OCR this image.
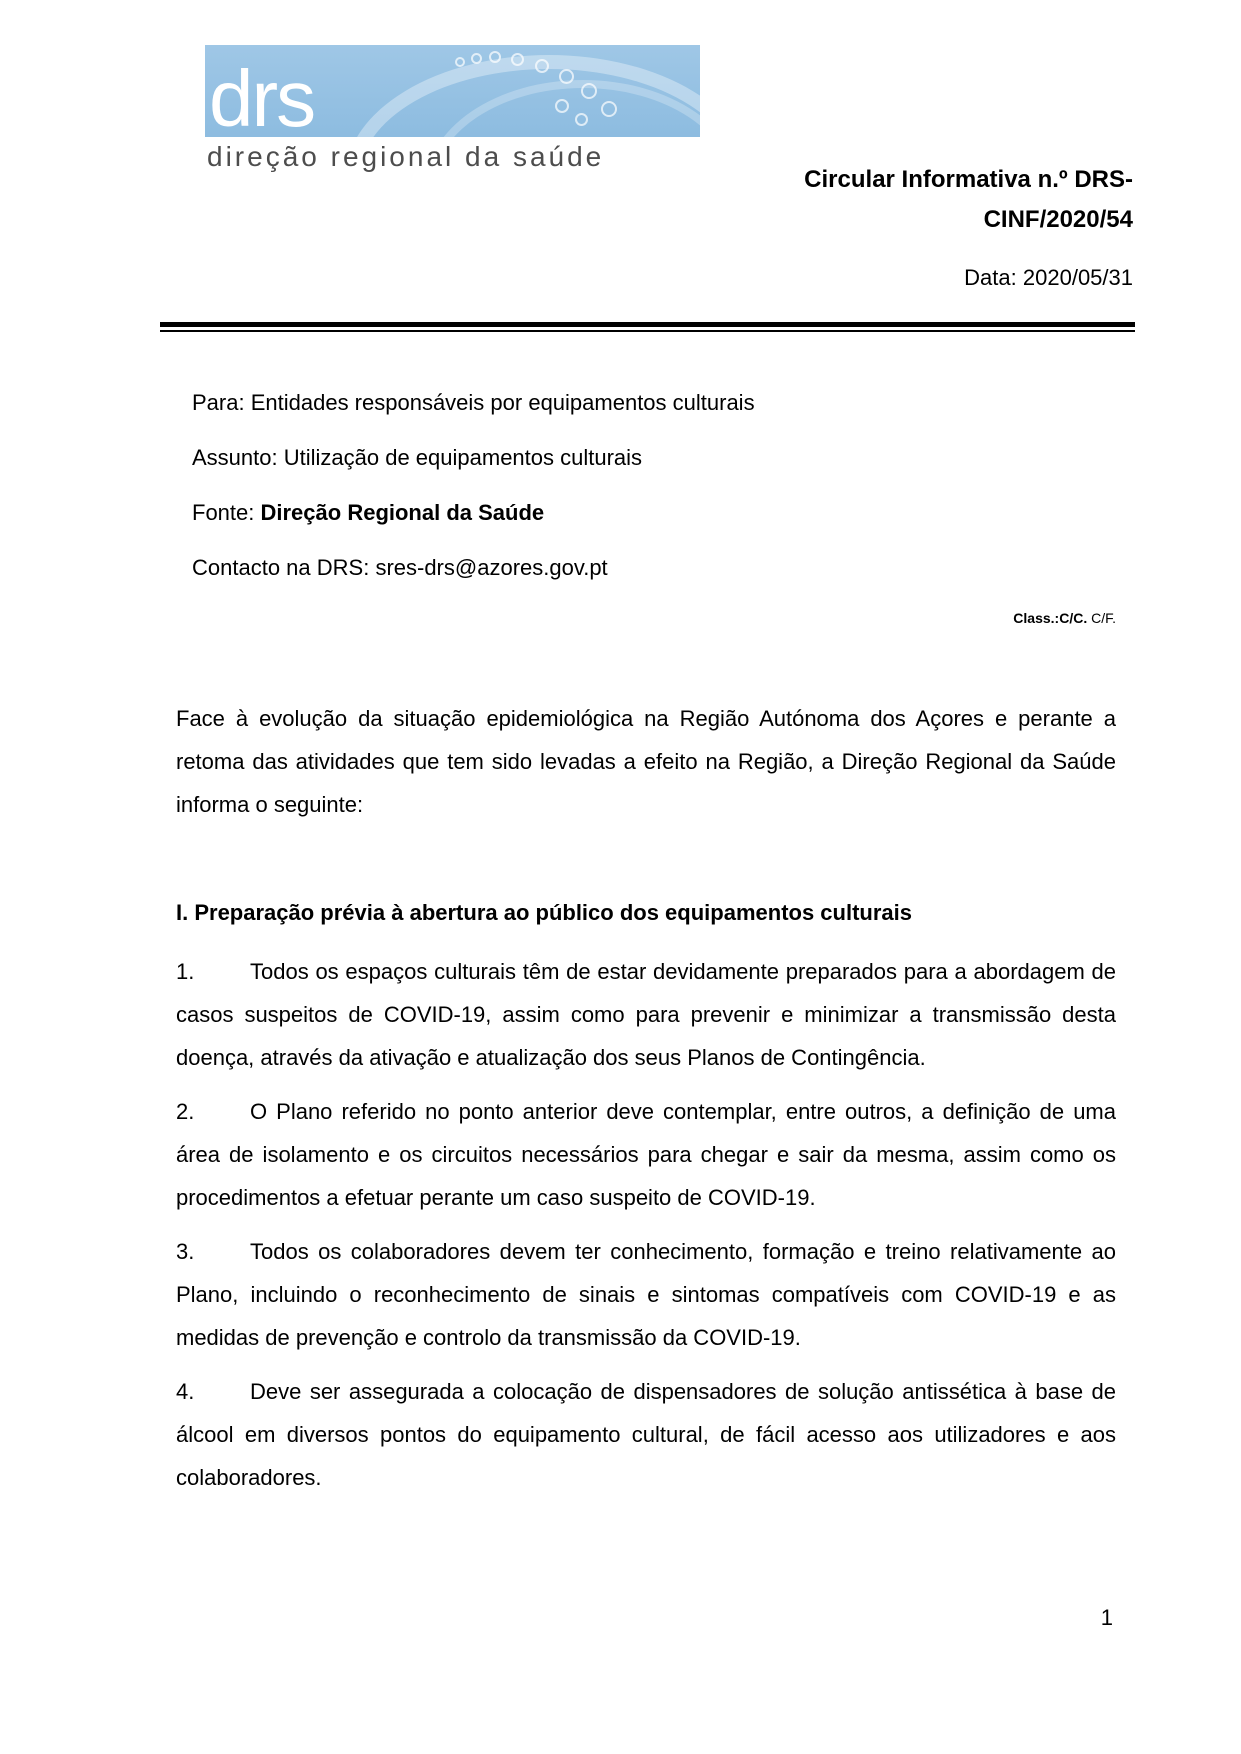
drs
direção regional da saúde
Circular Informativa n.º DRS-
CINF/2020/54
Data: 2020/05/31
Para: Entidades responsáveis por equipamentos culturais
Assunto: Utilização de equipamentos culturais
Fonte: Direção Regional da Saúde
Contacto na DRS: sres-drs@azores.gov.pt
Class.:C/C. C/F.
Face à evolução da situação epidemiológica na Região Autónoma dos Açores e perante a retoma das atividades que tem sido levadas a efeito na Região, a Direção Regional da Saúde informa o seguinte:
I. Preparação prévia à abertura ao público dos equipamentos culturais
1.	Todos os espaços culturais têm de estar devidamente preparados para a abordagem de casos suspeitos de COVID-19, assim como para prevenir e minimizar a transmissão desta doença, através da ativação e atualização dos seus Planos de Contingência.
2.	O Plano referido no ponto anterior deve contemplar, entre outros, a definição de uma área de isolamento e os circuitos necessários para chegar e sair da mesma, assim como os procedimentos a efetuar perante um caso suspeito de COVID-19.
3.	Todos os colaboradores devem ter conhecimento, formação e treino relativamente ao Plano, incluindo o reconhecimento de sinais e sintomas compatíveis com COVID-19 e as medidas de prevenção e controlo da transmissão da COVID-19.
4.	Deve ser assegurada a colocação de dispensadores de solução antissética à base de álcool em diversos pontos do equipamento cultural, de fácil acesso aos utilizadores e aos colaboradores.
1
